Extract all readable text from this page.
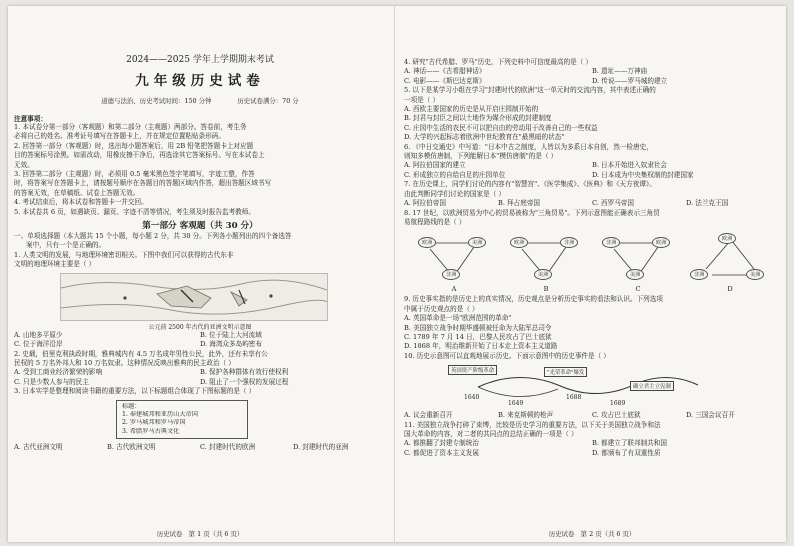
2024——2025 学年上学期期末考试
九年级历史试卷
道德与法治、历史考试时间：150 分钟	历史试卷满分：70 分
注意事项：
1. 本试卷分第一部分（客观题）和第二部分（主观题）两部分。答卷前，考生务
必将自己的姓名、准考证号填写在答题卡上，并在规定位置粘贴条形码。
2. 回答第一部分（客观题）时，选出每小题答案后，用 2B 铅笔把答题卡上对应题
目的答案标号涂黑。如需改动，用橡皮擦干净后，再选涂其它答案标号。写在本试卷上
无效。
3. 回答第二部分（主观题）时，必须用 0.5 毫米黑色签字笔填写，字迹工整，作答
时，将答案写在答题卡上，请按题号顺序在各题目的答题区域内作答，超出答题区域书写
的答案无效，在草稿纸、试卷上答题无效。
4. 考试结束后，将本试卷和答题卡一并交回。
5. 本试卷共 6 页，如遇缺页、漏页、字迹不清等情况，考生须及时报告监考教师。
第一部分 客观题（共 30 分）
一、单项选择题（本大题共 15 个小题，每小题 2 分，共 30 分。下列各小题列出的四个备选答
案中，只有一个是正确的。
1. 人类文明的发展，与地理环境密切相关。下图中我们可以获得的古代东非
文明的地理环境主要是（ ）
公元前 2500 年古代的亚洲文明示意图
A. 山地多平原少	B. 位于陆上大河流域
C. 位于海洋沿岸	D. 海湾众多岛屿密布
2. 史载，伯里克利执政时期，雅典城内有 4.5 万名成年男性公民，此外，还有未享有公
民权的 5 万名外邦人和 10 万名奴隶。这种情况反映出雅典的民主政治（ ）
A. 受到工商业经济繁荣的影响	B. 保护各种群体有效行使权利
C. 只是少数人参与的民主	D. 阻止了一个强权的发展过程
3. 日本实学是整理和阅读书籍的重要方法，以下标题组合体现了下图标题的是（ ）
标题：
1. 奉建城邦和亚历山大帝国
2. 罗马城邦和罗马帝国
3. 希腊罗马古典文化
A. 古代亚洲文明	B. 古代欧洲文明	C. 封建时代的欧洲	D. 封建时代的亚洲
历史试卷　第 1 页（共 6 页）
4. 研究"古代希腊、罗马"历史，下列史料中可信度最高的是（ ）
A. 神话——《古希腊神话》	B. 遗址——万神庙
C. 电影——《斯巴达克斯》	D. 传说——罗马城的建立
5. 以下是某学习小组在学习"封建时代的欧洲"这一单元时的交流内容，其中表述正确的
一项是（ ）
A. 西欧主要国家的历史是从开启庄园制开始的
B. 封君与封臣之间以土地作为媒介形成的封建制度
C. 庄园中生活的农民不可以把自由的劳动用于改善自己的一些权益
D. 大学的兴起标志着欧洲中世纪教育在"最黑暗的状态"
6. 《中日交通史》中写道："日本中古之制度，人皆以为多系日本自创，然一检唐史，
则知多模仿唐制，下列能解日本"模仿唐制"的是（ ）
A. 阿拉伯国家的建立	B. 日本开始进入奴隶社会
C. 形成独立的自给自足的庄园单位	D. 日本成为中央集权制的封建国家
7. 在历史课上，同学们讨论的内容有"智慧宫"、《医学集成》、《医典》和《天方夜谭》。
由此判断同学们讨论的国家是（ ）
A. 阿拉伯帝国	B. 拜占庭帝国	C. 西罗马帝国	D. 法兰克王国
8. 17 世纪，以欧洲贸易为中心的贸易被称为"三角贸易"。下列示意图能正确表示三角贸
易航程路线的是（ ）
欧洲	美洲
非洲
A
欧洲	非洲
美洲
B
非洲	欧洲
美洲
C
欧洲
非洲	美洲
D
9. 历史事实指的是历史上的真实情况，历史观点是分析历史事实的看法和认识。下列选项
中属于历史观点的是（ ）
A. 英国革命是一场"欧洲范围的革命"
B. 美国独立战争时期华盛顿被任命为大陆军总司令
C. 1789 年 7 月 14 日，巴黎人民攻占了巴士底狱
D. 1868 年，明治维新开始了日本走上资本主义道路
10. 历史示意图可以直观地展示历史。下面示意图中的历史事件是（ ）
英国资产阶级革命	"光荣革命"爆发
确立君主立宪制
1640
1649
1688
1689
A. 议会重新召开	B. 来克斯顿的枪声	C. 攻占巴士底狱	D. 三国会议召开
11. 美国独立战争打碎了束缚，比较是历史学习的重要方法，以下关于美国独立战争和法
国大革命的内容，对二者的共同点的总结正确的一项是（ ）
A. 都推翻了封建专制统治	B. 都建立了联邦制共和国
C. 都促进了资本主义发展	D. 都颁布了有双重性质
历史试卷　第 2 页（共 6 页）
